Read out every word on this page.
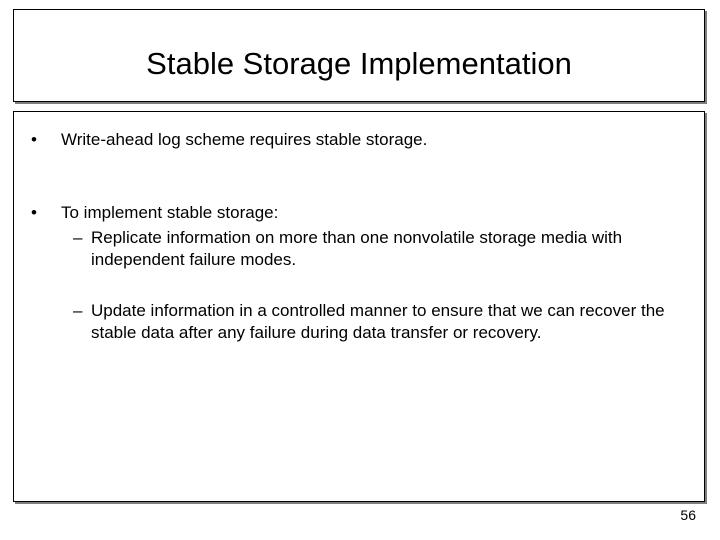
Stable Storage Implementation
• Write-ahead log scheme requires stable storage.
• To implement stable storage:
– Replicate information on more than one nonvolatile storage media with independent failure modes.
– Update information in a controlled manner to ensure that we can recover the stable data after any failure during data transfer or recovery.
56
